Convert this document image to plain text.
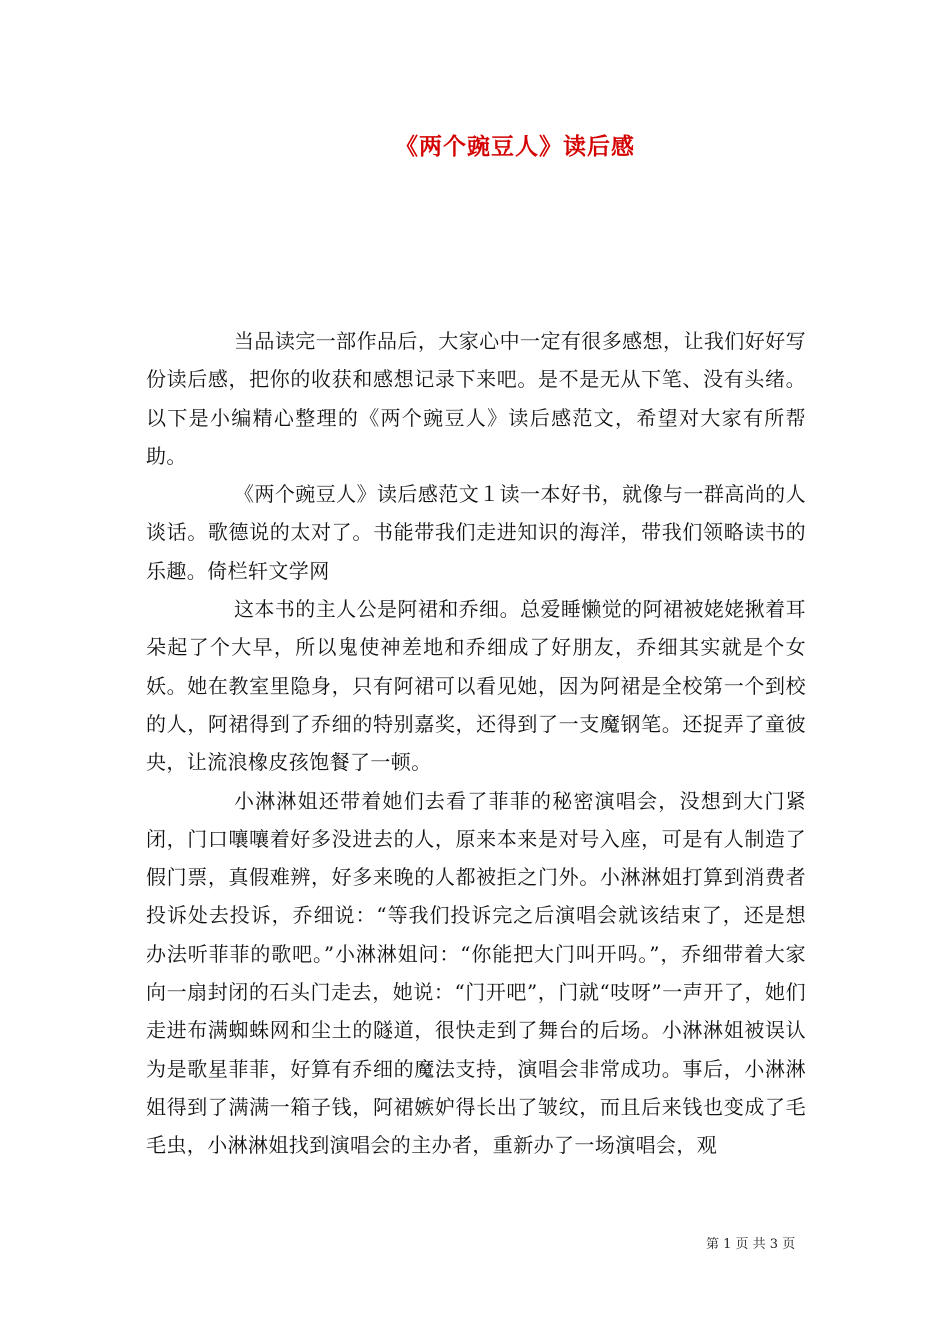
《两个豌豆人》读后感

当品读完一部作品后，大家心中一定有很多感想，让我们好好写份读后感，把你的收获和感想记录下来吧。是不是无从下笔、没有头绪。以下是小编精心整理的《两个豌豆人》读后感范文，希望对大家有所帮助。

《两个豌豆人》读后感范文１读一本好书，就像与一群高尚的人谈话。歌德说的太对了。书能带我们走进知识的海洋，带我们领略读书的乐趣。倚栏轩文学网

这本书的主人公是阿裙和乔细。总爱睡懒觉的阿裙被姥姥揪着耳朵起了个大早，所以鬼使神差地和乔细成了好朋友，乔细其实就是个女妖。她在教室里隐身，只有阿裙可以看见她，因为阿裙是全校第一个到校的人，阿裙得到了乔细的特别嘉奖，还得到了一支魔钢笔。还捉弄了童彼央，让流浪橡皮孩饱餐了一顿。

小淋淋姐还带着她们去看了菲菲的秘密演唱会，没想到大门紧闭，门口嚷嚷着好多没进去的人，原来本来是对号入座，可是有人制造了假门票，真假难辨，好多来晚的人都被拒之门外。小淋淋姐打算到消费者投诉处去投诉，乔细说：“等我们投诉完之后演唱会就该结束了，还是想办法听菲菲的歌吧。”小淋淋姐问：“你能把大门叫开吗。”，乔细带着大家向一扇封闭的石头门走去，她说：“门开吧”，门就“吱呀”一声开了，她们走进布满蜘蛛网和尘土的隧道，很快走到了舞台的后场。小淋淋姐被误认为是歌星菲菲，好算有乔细的魔法支持，演唱会非常成功。事后，小淋淋姐得到了满满一箱子钱，阿裙嫉妒得长出了皱纹，而且后来钱也变成了毛毛虫，小淋淋姐找到演唱会的主办者，重新办了一场演唱会，观

第 1 页 共 3 页
